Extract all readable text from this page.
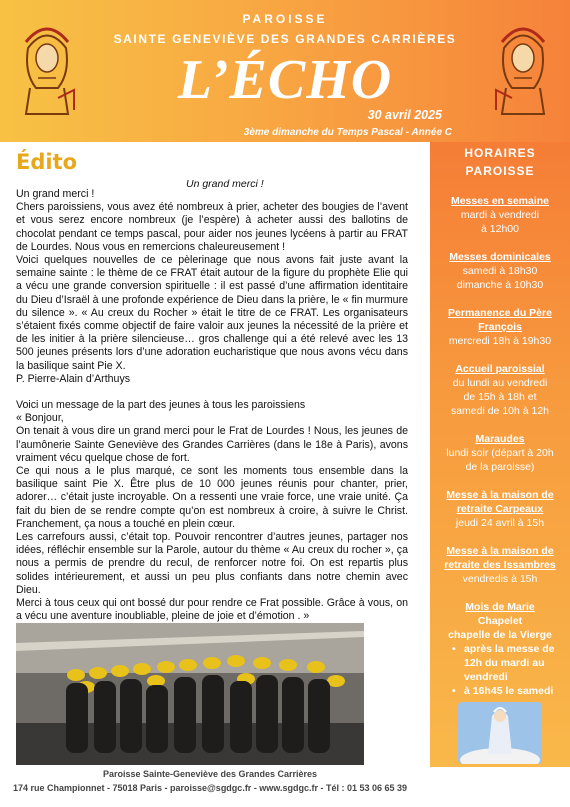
PAROISSE
SAINTE GENEVIÈVE DES GRANDES CARRIÈRES
L’ÉCHO
30 avril 2025
3ème dimanche du Temps Pascal - Année C
Édito
Un grand merci !

Un grand merci !

Chers paroissiens, vous avez été nombreux à prier, acheter des bougies de l’avent et vous serez encore nombreux (je l’espère) à acheter aussi des ballotins de chocolat pendant ce temps pascal, pour aider nos jeunes lycéens à partir au FRAT de Lourdes. Nous vous en remercions chaleureusement !

Voici quelques nouvelles de ce pèlerinage que nous avons fait juste avant la semaine sainte : le thème de ce FRAT était autour de la figure du prophète Elie qui a vécu une grande conversion spirituelle : il est passé d’une affirmation identitaire du Dieu d’Israël à une profonde expérience de Dieu dans la prière, le « fin murmure du silence ». « Au creux du Rocher » était le titre de ce FRAT. Les organisateurs s’étaient fixés comme objectif de faire valoir aux jeunes la nécessité de la prière et de les initier à la prière silencieuse… gros challenge qui a été relevé avec les 13 500 jeunes présents lors d’une adoration eucharistique que nous avons vécu dans la basilique saint Pie X.

P. Pierre-Alain d’Arthuys

Voici un message de la part des jeunes à tous les paroissiens

« Bonjour,

On tenait à vous dire un grand merci pour le Frat de Lourdes ! Nous, les jeunes de l’aumônerie Sainte Geneviève des Grandes Carrières (dans le 18e à Paris), avons vraiment vécu quelque chose de fort.

Ce qui nous a le plus marqué, ce sont les moments tous ensemble dans la basilique saint Pie X. Être plus de 10 000 jeunes réunis pour chanter, prier, adorer… c’était juste incroyable. On a ressenti une vraie force, une vraie unité. Ça fait du bien de se rendre compte qu’on est nombreux à croire, à suivre le Christ. Franchement, ça nous a touché en plein cœur.

Les carrefours aussi, c’était top. Pouvoir rencontrer d’autres jeunes, partager nos idées, réfléchir ensemble sur la Parole, autour du thème « Au creux du rocher », ça nous a permis de prendre du recul, de renforcer notre foi. On est repartis plus solides intérieurement, et aussi un peu plus confiants dans notre chemin avec Dieu.

Merci à tous ceux qui ont bossé dur pour rendre ce Frat possible. Grâce à vous, on a vécu une aventure inoubliable, pleine de joie et d’émotion . »

HORAIRES
PAROISSE
Messes en semaine
mardi à vendredi
à 12h00
Messes dominicales
samedi à 18h30
dimanche à 10h30
Permanence du Père François
mercredi 18h à 19h30
Accueil paroissial
du lundi au vendredi
de 15h à 18h et
samedi de 10h à 12h
Maraudes
lundi soir (départ à 20h
de la paroisse)
Messe à la maison de retraite Carpeaux
jeudi 24 avril à 15h
Messe à la maison de retraite des Issambres
vendredis à 15h
Mois de Marie
Chapelet
chapelle de la Vierge
• après la messe de 12h du mardi au vendredi
• à 16h45 le samedi
Paroisse Sainte-Geneviève des Grandes Carrières
174 rue Championnet - 75018 Paris - paroisse@sgdgc.fr - www.sgdgc.fr - Tél : 01 53 06 65 39
